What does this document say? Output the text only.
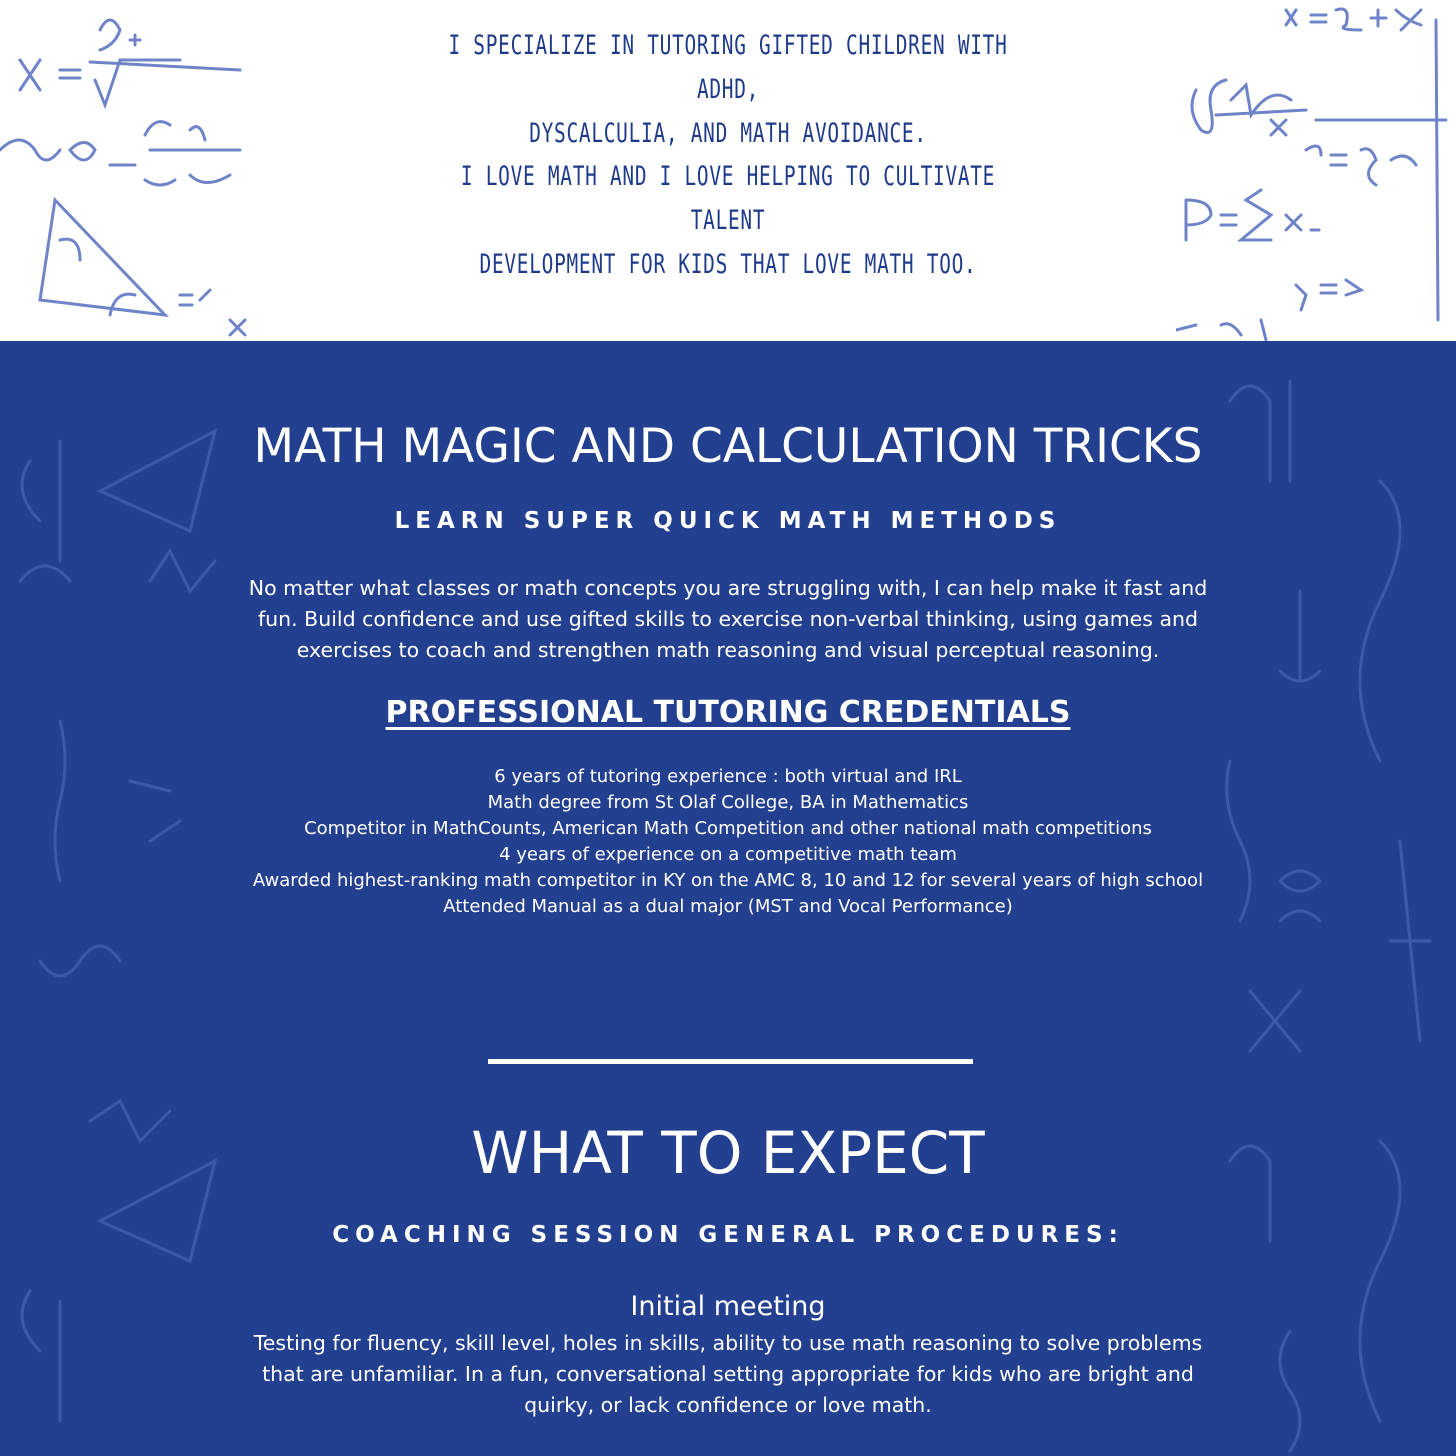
I SPECIALIZE IN TUTORING GIFTED CHILDREN WITH ADHD,
DYSCALCULIA, AND MATH AVOIDANCE.
I LOVE MATH AND I LOVE HELPING TO CULTIVATE TALENT
DEVELOPMENT FOR KIDS THAT LOVE MATH TOO.
MATH MAGIC AND CALCULATION TRICKS
LEARN SUPER QUICK MATH METHODS
No matter what classes or math concepts you are struggling with, I can help make it fast and
fun. Build confidence and use gifted skills to exercise non-verbal thinking, using games and
exercises to coach and strengthen math reasoning and visual perceptual reasoning.
PROFESSIONAL TUTORING CREDENTIALS
6 years of tutoring experience : both virtual and IRL
Math degree from St Olaf College, BA in Mathematics
Competitor in MathCounts, American Math Competition and other national math competitions
4 years of experience on a competitive math team
Awarded highest-ranking math competitor in KY on the AMC 8, 10 and 12 for several years of high school
Attended Manual as a dual major (MST and Vocal Performance)
WHAT TO EXPECT
COACHING SESSION GENERAL PROCEDURES:
Initial meeting
Testing for fluency, skill level, holes in skills, ability to use math reasoning to solve problems
that are unfamiliar. In a fun, conversational setting appropriate for kids who are bright and
quirky, or lack confidence or love math.
